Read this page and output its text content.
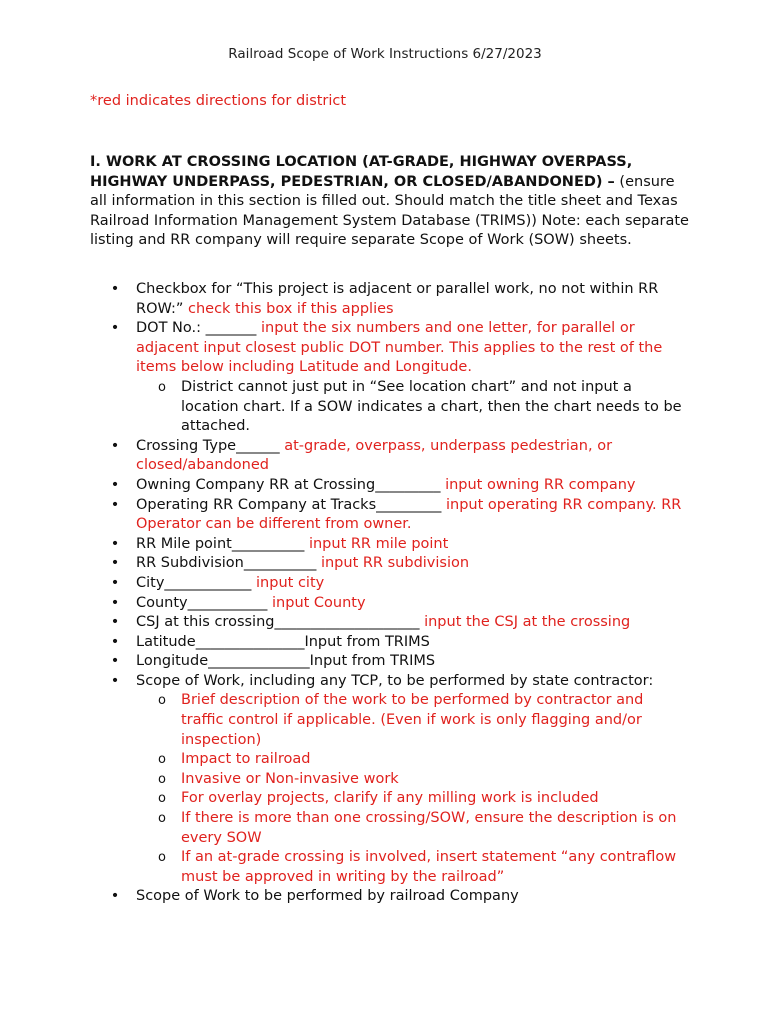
Railroad Scope of Work Instructions 6/27/2023
*red indicates directions for district
I. WORK AT CROSSING LOCATION (AT-GRADE, HIGHWAY OVERPASS, HIGHWAY UNDERPASS, PEDESTRIAN, OR CLOSED/ABANDONED) – (ensure all information in this section is filled out. Should match the title sheet and Texas Railroad Information Management System Database (TRIMS)) Note: each separate listing and RR company will require separate Scope of Work (SOW) sheets.
• Checkbox for “This project is adjacent or parallel work, no not within RR ROW:” check this box if this applies
• DOT No.: _______ input the six numbers and one letter, for parallel or adjacent input closest public DOT number. This applies to the rest of the items below including Latitude and Longitude.
o District cannot just put in “See location chart” and not input a location chart. If a SOW indicates a chart, then the chart needs to be attached.
• Crossing Type______ at-grade, overpass, underpass pedestrian, or closed/abandoned
• Owning Company RR at Crossing_________ input owning RR company
• Operating RR Company at Tracks_________ input operating RR company. RR Operator can be different from owner.
• RR Mile point__________ input RR mile point
• RR Subdivision__________ input RR subdivision
• City____________ input city
• County___________ input County
• CSJ at this crossing____________________ input the CSJ at the crossing
• Latitude_______________Input from TRIMS
• Longitude______________Input from TRIMS
• Scope of Work, including any TCP, to be performed by state contractor:
o Brief description of the work to be performed by contractor and traffic control if applicable. (Even if work is only flagging and/or inspection)
o Impact to railroad
o Invasive or Non-invasive work
o For overlay projects, clarify if any milling work is included
o If there is more than one crossing/SOW, ensure the description is on every SOW
o If an at-grade crossing is involved, insert statement “any contraflow must be approved in writing by the railroad”
• Scope of Work to be performed by railroad Company
